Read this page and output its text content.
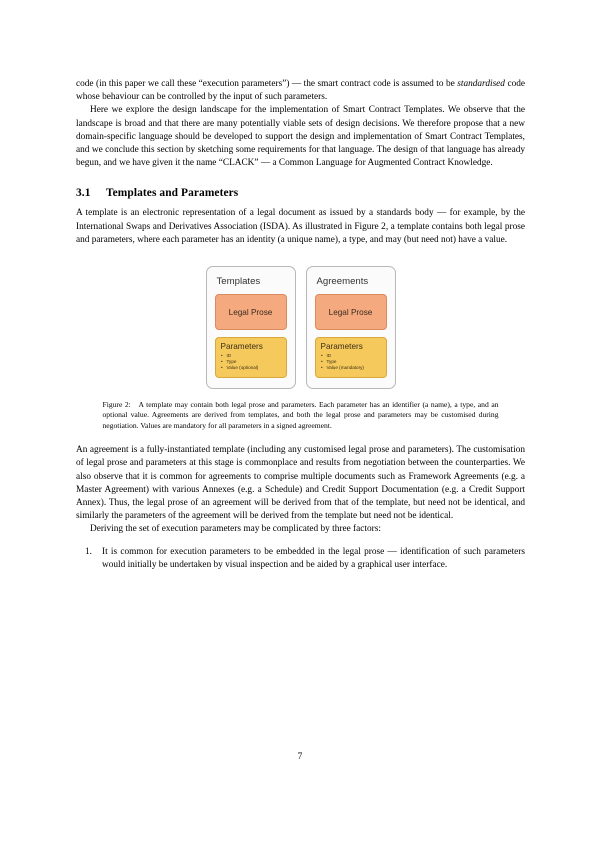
code (in this paper we call these “execution parameters”) — the smart contract code is assumed to be standardised code whose behaviour can be controlled by the input of such parameters.

Here we explore the design landscape for the implementation of Smart Contract Templates. We observe that the landscape is broad and that there are many potentially viable sets of design decisions. We therefore propose that a new domain-specific language should be developed to support the design and implementation of Smart Contract Templates, and we conclude this section by sketching some requirements for that language. The design of that language has already begun, and we have given it the name “CLACK” — a Common Language for Augmented Contract Knowledge.

3.1 Templates and Parameters

A template is an electronic representation of a legal document as issued by a standards body — for example, by the International Swaps and Derivatives Association (ISDA). As illustrated in Figure 2, a template contains both legal prose and parameters, where each parameter has an identity (a unique name), a type, and may (but need not) have a value.

Templates
Legal Prose
Parameters
• ID
• Type
• Value (optional)
Agreements
Legal Prose
Parameters
• ID
• Type
• Value (mandatory)
Figure 2: A template may contain both legal prose and parameters. Each parameter has an identifier (a name), a type, and an optional value. Agreements are derived from templates, and both the legal prose and parameters may be customised during negotiation. Values are mandatory for all parameters in a signed agreement.

An agreement is a fully-instantiated template (including any customised legal prose and parameters). The customisation of legal prose and parameters at this stage is commonplace and results from negotiation between the counterparties. We also observe that it is common for agreements to comprise multiple documents such as Framework Agreements (e.g. a Master Agreement) with various Annexes (e.g. a Schedule) and Credit Support Documentation (e.g. a Credit Support Annex). Thus, the legal prose of an agreement will be derived from that of the template, but need not be identical, and similarly the parameters of the agreement will be derived from the template but need not be identical.

Deriving the set of execution parameters may be complicated by three factors:

It is common for execution parameters to be embedded in the legal prose — identification of such parameters would initially be undertaken by visual inspection and be aided by a graphical user interface.
7
